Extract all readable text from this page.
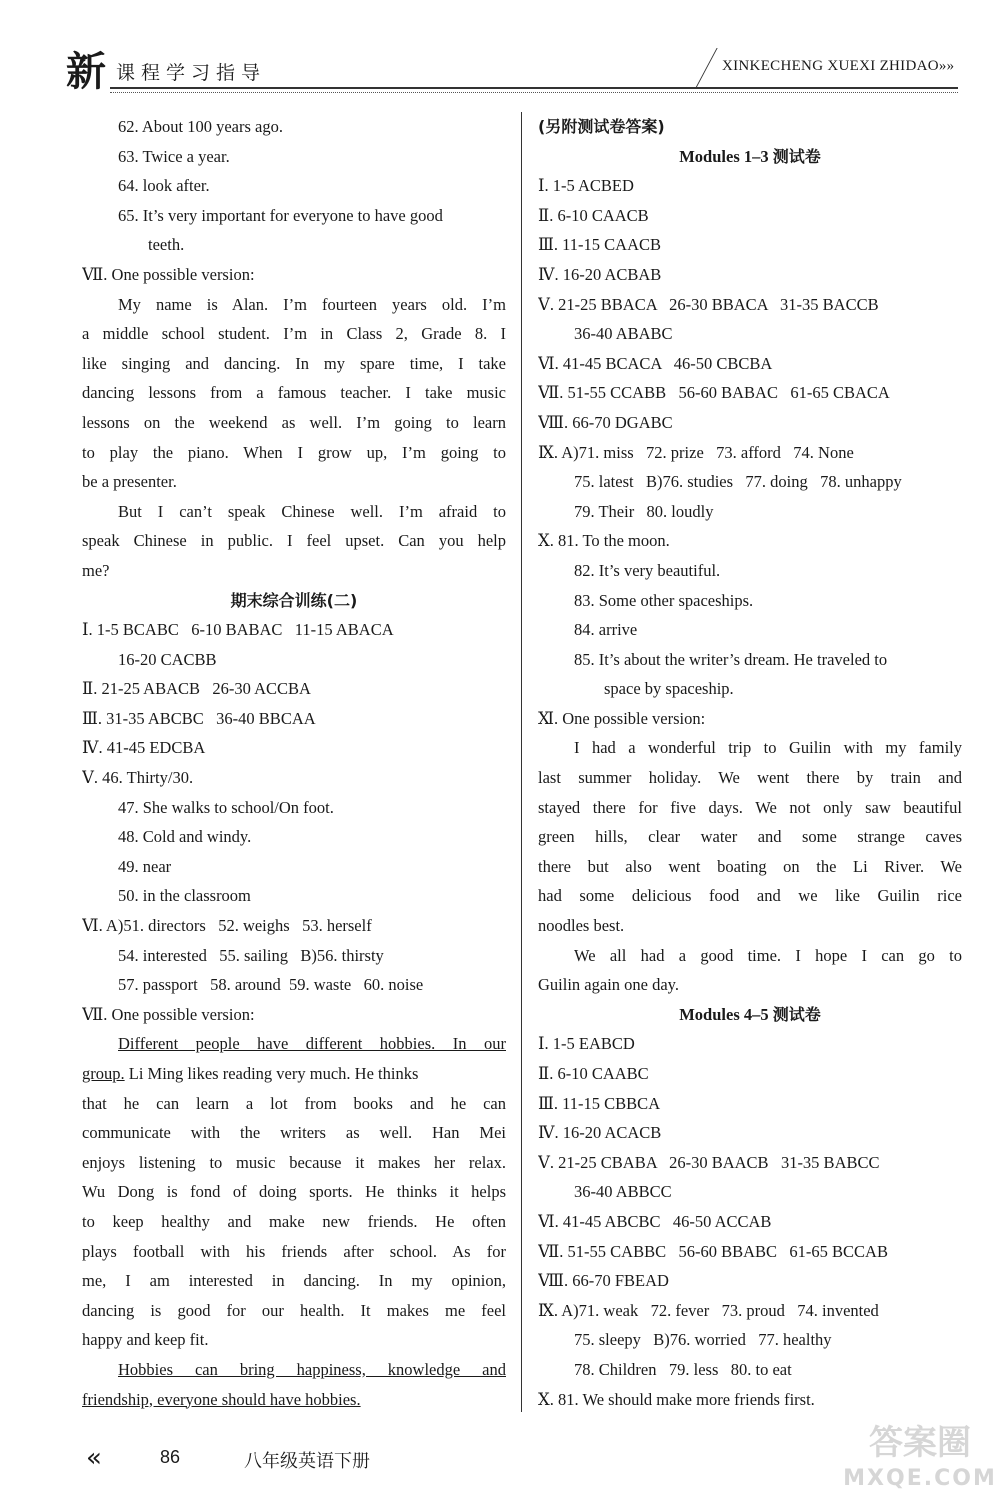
新 课程学习指导	XINKECHENG XUEXI ZHIDAO»»
62. About 100 years ago.
63. Twice a year.
64. look after.
65. It’s very important for everyone to have good
teeth.
Ⅶ. One possible version:
My name is Alan. I’m fourteen years old. I’m
a middle school student. I’m in Class 2, Grade 8. I
like singing and dancing. In my spare time, I take
dancing lessons from a famous teacher. I take music
lessons on the weekend as well. I’m going to learn
to play the piano. When I grow up, I’m going to
be a presenter.
But I can’t speak Chinese well. I’m afraid to
speak Chinese in public. I feel upset. Can you help
me?
期末综合训练(二)
Ⅰ. 1-5 BCABC   6-10 BABAC   11-15 ABACA
16-20 CACBB
Ⅱ. 21-25 ABACB   26-30 ACCBA
Ⅲ. 31-35 ABCBC   36-40 BBCAA
Ⅳ. 41-45 EDCBA
Ⅴ. 46. Thirty/30.
47. She walks to school/On foot.
48. Cold and windy.
49. near
50. in the classroom
Ⅵ. A)51. directors   52. weighs   53. herself
54. interested   55. sailing   B)56. thirsty
57. passport   58. around  59. waste   60. noise
Ⅶ. One possible version:
Different people have different hobbies. In our
group. Li Ming likes reading very much. He thinks
that he can learn a lot from books and he can
communicate with the writers as well. Han Mei
enjoys listening to music because it makes her relax.
Wu Dong is fond of doing sports. He thinks it helps
to keep healthy and make new friends. He often
plays football with his friends after school. As for
me, I am interested in dancing. In my opinion,
dancing is good for our health. It makes me feel
happy and keep fit.
Hobbies can bring happiness, knowledge and
friendship, everyone should have hobbies.
(另附测试卷答案)
Modules 1–3 测试卷
Ⅰ. 1-5 ACBED
Ⅱ. 6-10 CAACB
Ⅲ. 11-15 CAACB
Ⅳ. 16-20 ACBAB
Ⅴ. 21-25 BBACA   26-30 BBACA   31-35 BACCB
36-40 ABABC
Ⅵ. 41-45 BCACA   46-50 CBCBA
Ⅶ. 51-55 CCABB   56-60 BABAC   61-65 CBACA
Ⅷ. 66-70 DGABC
Ⅸ. A)71. miss   72. prize   73. afford   74. None
75. latest   B)76. studies   77. doing   78. unhappy
79. Their   80. loudly
Ⅹ. 81. To the moon.
82. It’s very beautiful.
83. Some other spaceships.
84. arrive
85. It’s about the writer’s dream. He traveled to
space by spaceship.
Ⅺ. One possible version:
I had a wonderful trip to Guilin with my family
last summer holiday. We went there by train and
stayed there for five days. We not only saw beautiful
green hills, clear water and some strange caves
there but also went boating on the Li River. We
had some delicious food and we like Guilin rice
noodles best.
We all had a good time. I hope I can go to
Guilin again one day.
Modules 4–5 测试卷
Ⅰ. 1-5 EABCD
Ⅱ. 6-10 CAABC
Ⅲ. 11-15 CBBCA
Ⅳ. 16-20 ACACB
Ⅴ. 21-25 CBABA   26-30 BAACB   31-35 BABCC
36-40 ABBCC
Ⅵ. 41-45 ABCBC   46-50 ACCAB
Ⅶ. 51-55 CABBC   56-60 BBABC   61-65 BCCAB
Ⅷ. 66-70 FBEAD
Ⅸ. A)71. weak   72. fever   73. proud   74. invented
75. sleepy   B)76. worried   77. healthy
78. Children   79. less   80. to eat
Ⅹ. 81. We should make more friends first.
«	86	八年级英语下册	答案圈
MXQE.COM
